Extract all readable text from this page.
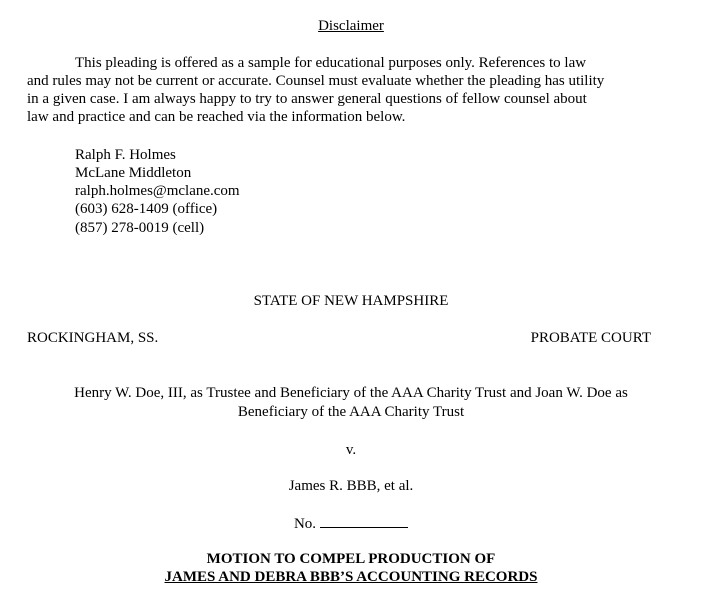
Disclaimer
This pleading is offered as a sample for educational purposes only. References to law
and rules may not be current or accurate. Counsel must evaluate whether the pleading has utility
in a given case. I am always happy to try to answer general questions of fellow counsel about
law and practice and can be reached via the information below.
Ralph F. Holmes
McLane Middleton
ralph.holmes@mclane.com
(603) 628-1409 (office)
(857) 278-0019 (cell)
STATE OF NEW HAMPSHIRE
ROCKINGHAM, SS.	PROBATE COURT
Henry W. Doe, III, as Trustee and Beneficiary of the AAA Charity Trust and Joan W. Doe as
Beneficiary of the AAA Charity Trust
v.
James R. BBB, et al.
No.
MOTION TO COMPEL PRODUCTION OF
JAMES AND DEBRA BBB’S ACCOUNTING RECORDS
